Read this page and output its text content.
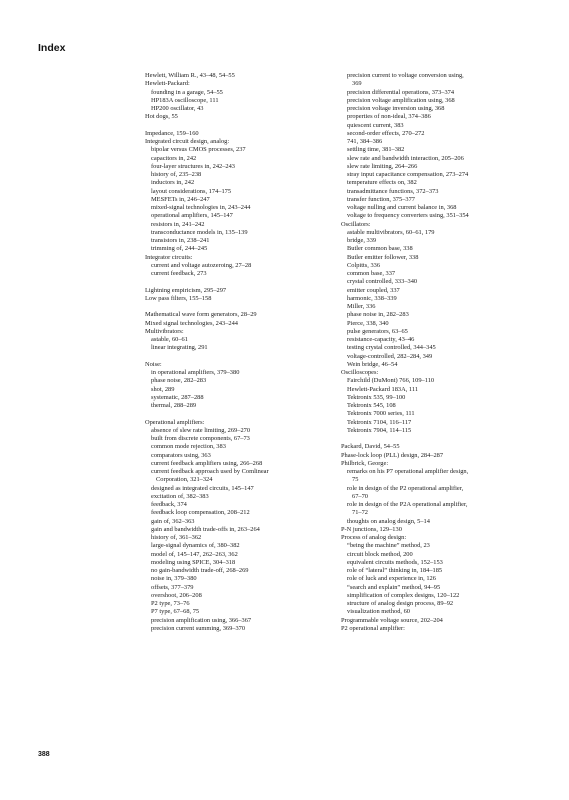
Index
Hewlett, William R., 43–48, 54–55
Hewlett-Packard:
founding in a garage, 54–55
HP183A oscilloscope, 111
HP200 oscillator, 43
Hot dogs, 55
Impedance, 159–160
Integrated circuit design, analog:
bipolar versus CMOS processes, 237
capacitors in, 242
four-layer structures in, 242–243
history of, 235–238
inductors in, 242
layout considerations, 174–175
MESFETs in, 246–247
mixed-signal technologies in, 243–244
operational amplifiers, 145–147
resistors in, 241–242
transconductance models in, 135–139
transistors in, 238–241
trimming of, 244–245
Integrator circuits:
current and voltage autozeroing, 27–28
current feedback, 273
Lightning empiricism, 295–297
Low pass filters, 155–158
Mathematical wave form generators, 28–29
Mixed signal technologies, 243–244
Multivibrators:
astable, 60–61
linear integrating, 291
Noise:
in operational amplifiers, 379–380
phase noise, 282–283
shot, 289
systematic, 287–288
thermal, 288–289
Operational amplifiers:
absence of slew rate limiting, 269–270
built from discrete components, 67–73
common mode rejection, 383
comparators using, 363
current feedback amplifiers using, 266–268
current feedback approach used by Comlinear
Corporation, 321–324
designed as integrated circuits, 145–147
excitation of, 382–383
feedback, 374
feedback loop compensation, 208–212
gain of, 362–363
gain and bandwidth trade-offs in, 263–264
history of, 361–362
large-signal dynamics of, 380–382
model of, 145–147, 262–263, 362
modeling using SPICE, 304–318
no gain-bandwidth trade-off, 268–269
noise in, 379–380
offsets, 377–379
overshoot, 206–208
P2 type, 73–76
P7 type, 67–68, 75
precision amplification using, 366–367
precision current summing, 369–370
precision current to voltage conversion using,
369
precision differential operations, 373–374
precision voltage amplification using, 368
precision voltage inversion using, 368
properties of non-ideal, 374–386
quiescent current, 383
second-order effects, 270–272
741, 384–386
settling time, 381–382
slew rate and bandwidth interaction, 205–206
slew rate limiting, 264–266
stray input capacitance compensation, 273–274
temperature effects on, 382
transadmittance functions, 372–373
transfer function, 375–377
voltage nulling and current balance in, 368
voltage to frequency converters using, 351–354
Oscillators:
astable multivibrators, 60–61, 179
bridge, 339
Butler common base, 338
Butler emitter follower, 338
Colpitts, 336
common base, 337
crystal controlled, 333–340
emitter coupled, 337
harmonic, 338–339
Miller, 336
phase noise in, 282–283
Pierce, 338, 340
pulse generators, 63–65
resistance-capacity, 43–46
testing crystal controlled, 344–345
voltage-controlled, 282–284, 349
Wein bridge, 46–54
Oscilloscopes:
Fairchild (DuMont) 766, 109–110
Hewlett-Packard 183A, 111
Tektronix 535, 99–100
Tektronix 545, 108
Tektronix 7000 series, 111
Tektronix 7104, 116–117
Tektronix 7904, 114–115
Packard, David, 54–55
Phase-lock loop (PLL) design, 284–287
Philbrick, George:
remarks on his P7 operational amplifier design,
75
role in design of the P2 operational amplifier,
67–70
role in design of the P2A operational amplifier,
71–72
thoughts on analog design, 5–14
P-N junctions, 129–130
Process of analog design:
“being the machine” method, 23
circuit block method, 200
equivalent circuits methods, 152–153
role of “lateral” thinking in, 184–185
role of luck and experience in, 126
“search and explain” method, 94–95
simplification of complex designs, 120–122
structure of analog design process, 89–92
visualization method, 60
Programmable voltage source, 202–204
P2 operational amplifier:
388
